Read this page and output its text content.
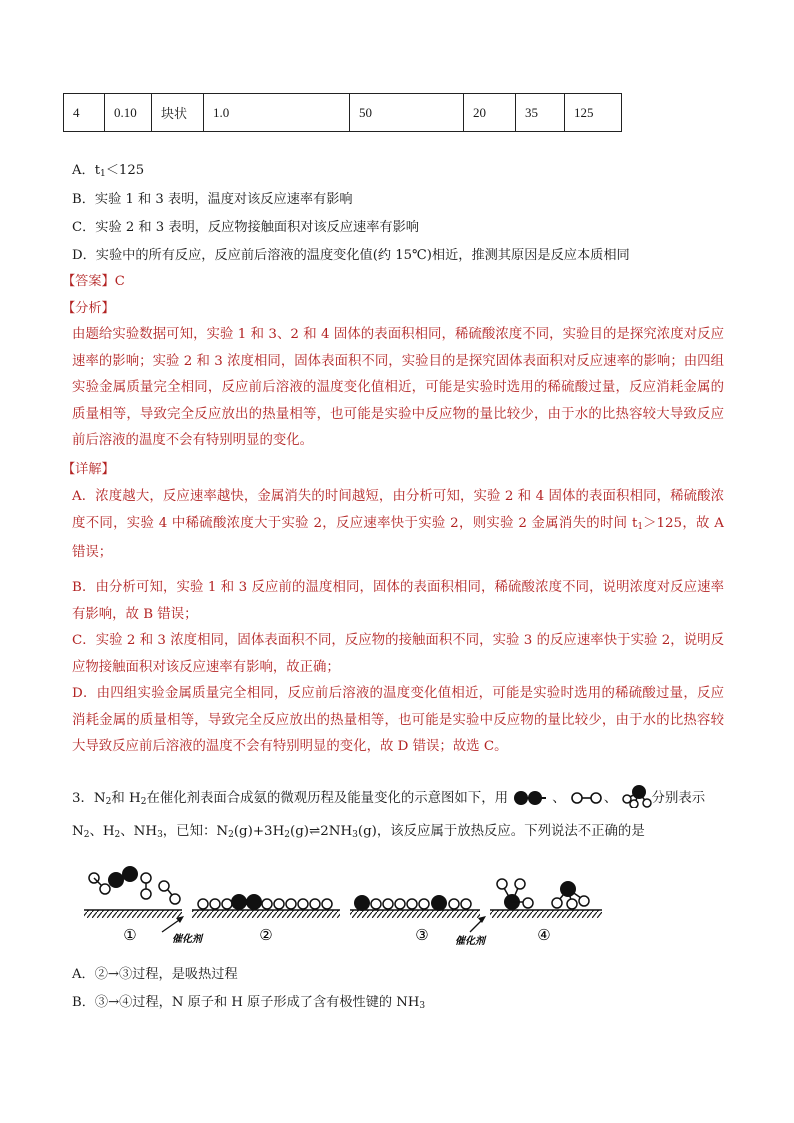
4	0.10	块状	1.0	50	20	35	125
A．$t_1<125$
B．实验 1 和 3 表明，温度对该反应速率有影响
C．实验 2 和 3 表明，反应物接触面积对该反应速率有影响
D．实验中的所有反应，反应前后溶液的温度变化值(约 15℃)相近，推测其原因是反应本质相同
【答案】C
【分析】
由题给实验数据可知，实验 1 和 3、2 和 4 固体的表面积相同，稀硫酸浓度不同，实验目的是探究浓度对反应速率的影响；实验 2 和 3 浓度相同，固体表面积不同，实验目的是探究固体表面积对反应速率的影响；由四组实验金属质量完全相同，反应前后溶液的温度变化值相近，可能是实验时选用的稀硫酸过量，反应消耗金属的质量相等，导致完全反应放出的热量相等，也可能是实验中反应物的量比较少，由于水的比热容较大导致反应前后溶液的温度不会有特别明显的变化。
【详解】
A．浓度越大，反应速率越快，金属消失的时间越短，由分析可知，实验 2 和 4 固体的表面积相同，稀硫酸浓度不同，实验 4 中稀硫酸浓度大于实验 2，反应速率快于实验 2，则实验 2 金属消失的时间 $t_1>125$，故 A 错误；
B．由分析可知，实验 1 和 3 反应前的温度相同，固体的表面积相同，稀硫酸浓度不同，说明浓度对反应速率有影响，故 B 错误；
C．实验 2 和 3 浓度相同，固体表面积不同，反应物的接触面积不同，实验 3 的反应速率快于实验 2，说明反应物接触面积对该反应速率有影响，故正确；
D．由四组实验金属质量完全相同，反应前后溶液的温度变化值相近，可能是实验时选用的稀硫酸过量，反应消耗金属的质量相等，导致完全反应放出的热量相等，也可能是实验中反应物的量比较少，由于水的比热容较大导致反应前后溶液的温度不会有特别明显的变化，故 D 错误；故选 C。
3．$N_2$和 $H_2$在催化剂表面合成氨的微观历程及能量变化的示意图如下，用	、	、	分别表示
$N_2$、$H_2$、$NH_3$，已知：$N_2(g)+3H_2(g)\rightleftharpoons 2NH_3(g)$，该反应属于放热反应。下列说法不正确的是
①	②
催化剂	③	催化剂	④
A．②→③过程，是吸热过程
B．③→④过程，N 原子和 H 原子形成了含有极性键的 $NH_3$
